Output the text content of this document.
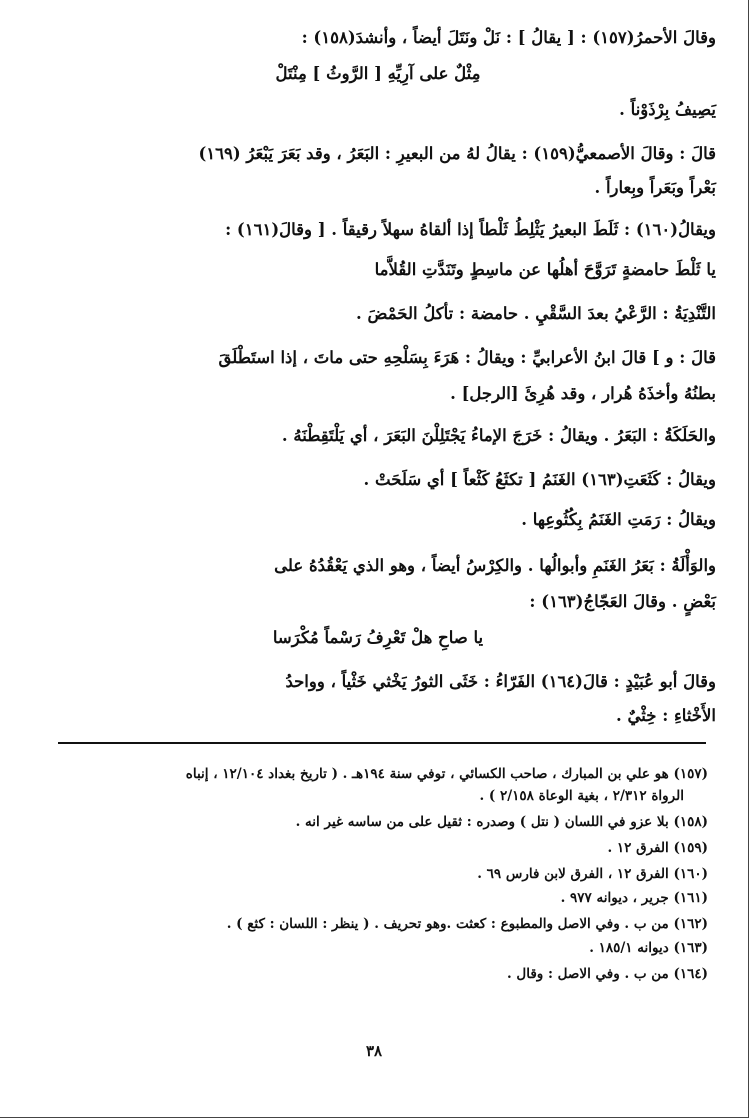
وقالَ الأحمرُ(١٥٧) : [ يقالُ ] : نَلْ ونَتَلَ أيضاً ، وأنشدَ(١٥٨) :
مِثْلٌ على آرِيِّهِ [ الرَّوثُ ] مِنْتَلْ
يَصِيفُ بِرْذَوْناً .
قالَ : وقالَ الأصمعيُّ(١٥٩) : يقالُ لهُ من البعيرِ : البَعَرُ ، وقد بَعَرَ يَبْعَرُ (١٦٩)
بَعْراً وبَعَراً وبِعاراً .
ويقالُ(١٦٠) : ثَلَطَ البعيرُ يَثْلِطُ ثَلْطاً إذا ألقاهُ سهلاً رقيقاً . [ وقالَ(١٦١) :
يا ثَلْطَ حامضةٍ تَرَوَّحَ أهلُها عن ماسِطٍ وتَنَدَّتِ القُلاَّما
التَّنْدِيَةُ : الرَّعْيُ بعدَ السَّقْيِ . حامضة : تأكلُ الحَمْضَ .
قالَ : و ] قالَ ابنُ الأعرابيِّ : ويقالُ : هَرَءَ بِسَلْحِهِ حتى ماتَ ، إذا استَطْلَقَ
بطنُهُ وأخذَهُ هُرار ، وقد هُرِئَ [الرجل] .
والحَلَكَةُ : البَعَرُ . ويقالُ : خَرَجَ الإماءُ يَجْتَلِلْنَ البَعَرَ ، أي يَلْتَقِطْنَهُ .
ويقالُ : كَثَعَتِ(١٦٣) الغَنَمُ [ تكثَعُ كَثْعاً ] أي سَلَحَتْ .
ويقالُ : رَمَتِ الغَنَمُ بِكُثُوعِها .
والوَأْلَةُ : بَعَرُ الغَنَمِ وأبوالُها . والكِرْسُ أيضاً ، وهو الذي يَعْقُدُهُ على
بَعْضٍ . وقالَ العَجّاجُ(١٦٣) :
يا صاحِ هلْ تَعْرِفُ رَسْماً مُكْرَسا
وقالَ أبو عُبَيْدٍ : قالَ(١٦٤) الفَرّاءُ : خَثَى الثورُ يَخْثي خَثْياً ، وواحدُ
الأَخْثاءِ : خِثْيٌ .
(١٥٧) هو علي بن المبارك ، صاحب الكسائي ، توفي سنة ١٩٤هـ . ( تاريخ بغداد ١٢/١٠٤ ، إنباه
الرواة ٢/٣١٢ ، بغية الوعاة ٢/١٥٨ ) .
(١٥٨) بلا عزو في اللسان ( نتل ) وصدره : ثقيل على من ساسه غير انه .
(١٥٩) الفرق ١٢ .
(١٦٠) الفرق ١٢ ، الفرق لابن فارس ٦٩ .
(١٦١) جرير ، ديوانه ٩٧٧ .
(١٦٢) من ب . وفي الاصل والمطبوع : كعثت .وهو تحريف . ( ينظر : اللسان : كثع ) .
(١٦٣) ديوانه ١٨٥/١ .
(١٦٤) من ب . وفي الاصل : وقال .
٣٨
